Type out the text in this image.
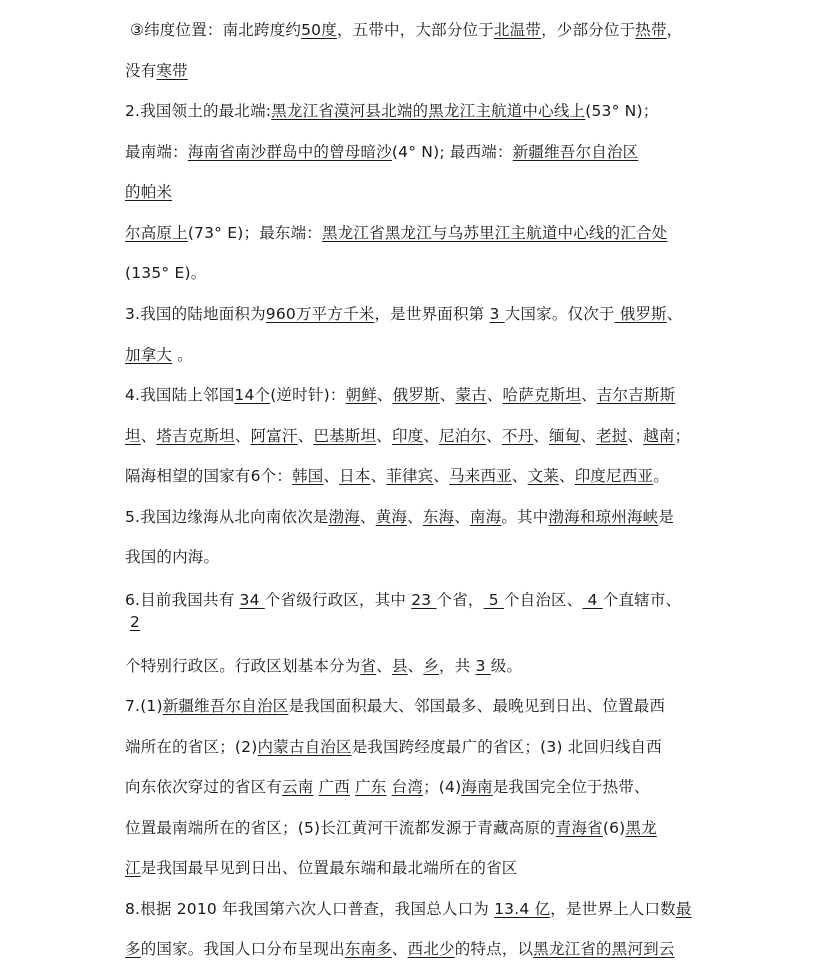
③纬度位置：南北跨度约50度，五带中，大部分位于北温带，少部分位于热带，
没有寒带
2.我国领土的最北端:黑龙江省漠河县北端的黑龙江主航道中心线上(53° N)；
最南端：海南省南沙群岛中的曾母暗沙(4° N); 最西端：新疆维吾尔自治区
的帕米
尔高原上(73° E)；最东端：黑龙江省黑龙江与乌苏里江主航道中心线的汇合处
(135° E)。
3.我国的陆地面积为960万平方千米，是世界面积第 3 大国家。仅次于 俄罗斯、
加拿大 。
4.我国陆上邻国14个(逆时针)：朝鲜、俄罗斯、蒙古、哈萨克斯坦、吉尔吉斯斯
坦、塔吉克斯坦、阿富汗、巴基斯坦、印度、尼泊尔、不丹、缅甸、老挝、越南；
隔海相望的国家有6个：韩国、日本、菲律宾、马来西亚、文莱、印度尼西亚。
5.我国边缘海从北向南依次是渤海、黄海、东海、南海。其中渤海和琼州海峡是
我国的内海。
6.目前我国共有 34 个省级行政区，其中 23 个省， 5 个自治区、 4 个直辖市、
2
个特别行政区。行政区划基本分为省、县、乡，共 3 级。
7.(1)新疆维吾尔自治区是我国面积最大、邻国最多、最晚见到日出、位置最西
端所在的省区；(2)内蒙古自治区是我国跨经度最广的省区；(3) 北回归线自西
向东依次穿过的省区有云南 广西 广东 台湾；(4)海南是我国完全位于热带、
位置最南端所在的省区；(5)长江黄河干流都发源于青藏高原的青海省(6)黑龙
江是我国最早见到日出、位置最东端和最北端所在的省区
8.根据 2010 年我国第六次人口普查，我国总人口为 13.4 亿，是世界上人口数最
多的国家。我国人口分布呈现出东南多、西北少的特点，以黑龙江省的黑河到云
